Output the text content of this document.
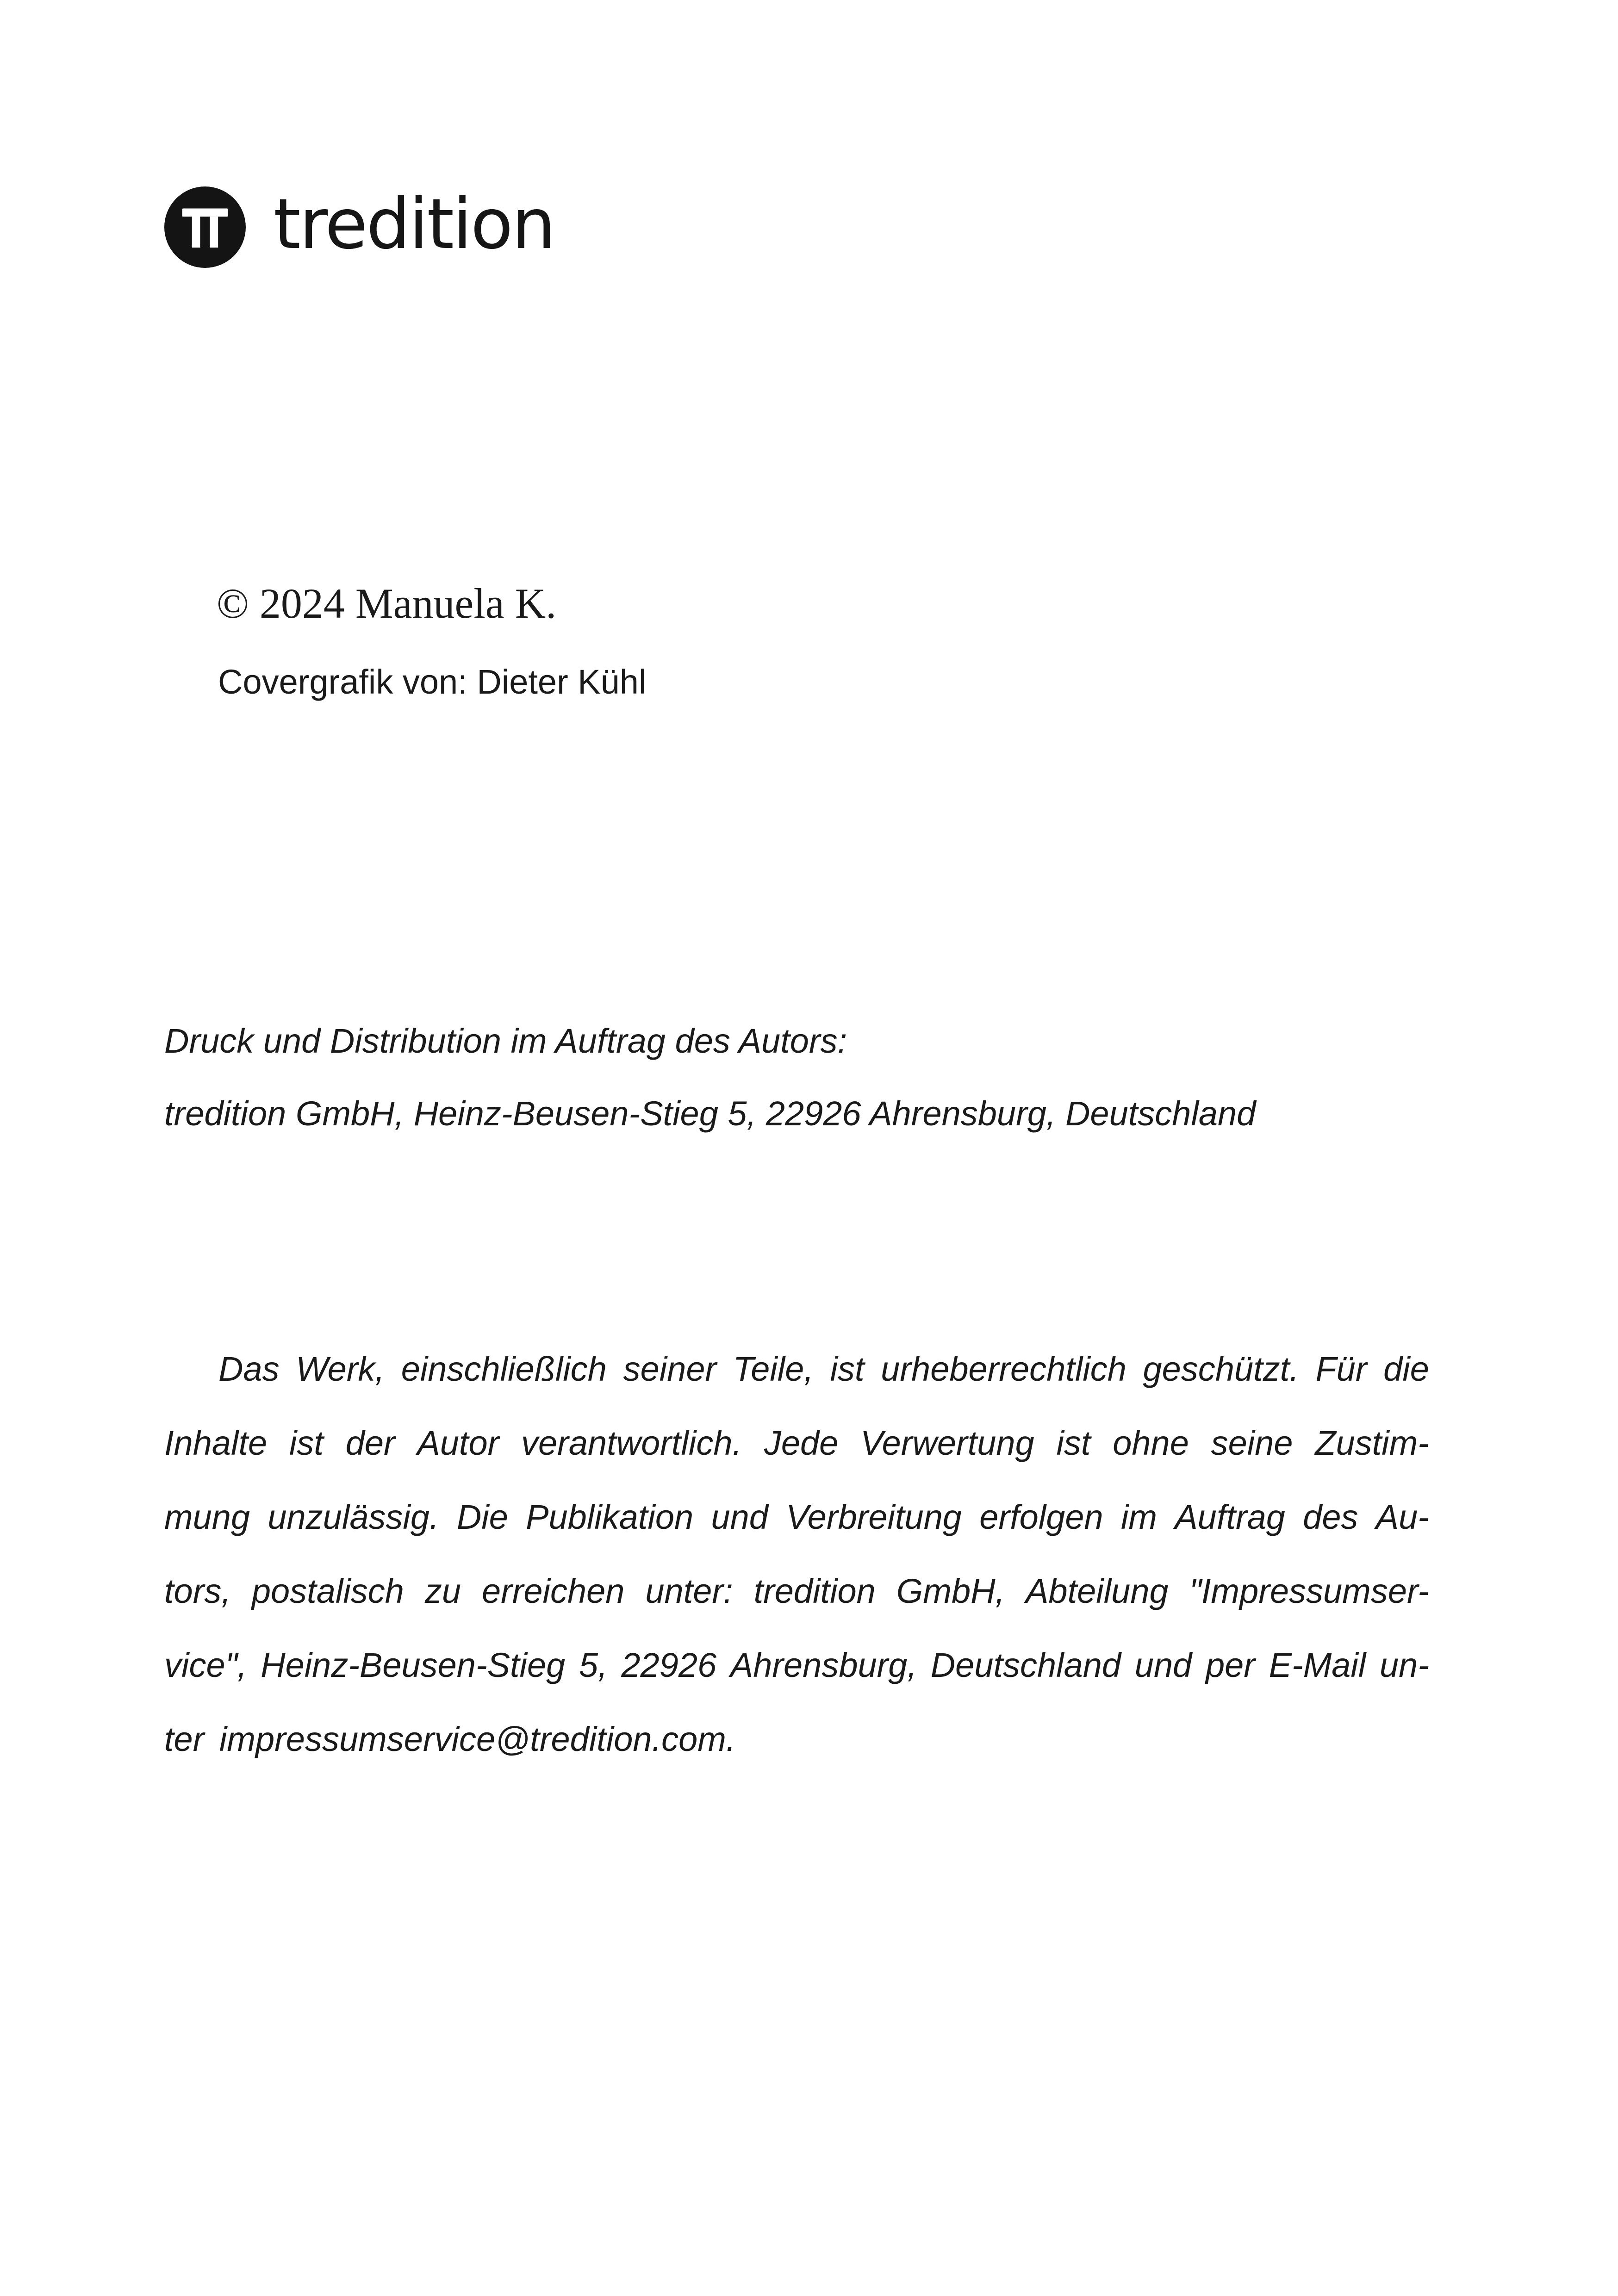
tredition
© 2024 Manuela K.
Covergrafik von: Dieter Kühl
Druck und Distribution im Auftrag des Autors:
tredition GmbH, Heinz-Beusen-Stieg 5, 22926 Ahrensburg, Deutschland
Das Werk, einschließlich seiner Teile, ist urheberrechtlich geschützt. Für die
Inhalte ist der Autor verantwortlich. Jede Verwertung ist ohne seine Zustim-
mung unzulässig. Die Publikation und Verbreitung erfolgen im Auftrag des Au-
tors, postalisch zu erreichen unter: tredition GmbH, Abteilung "Impressumser-
vice", Heinz-Beusen-Stieg 5, 22926 Ahrensburg, Deutschland und per E-Mail un-
ter
impressumservice@tredition.com.
